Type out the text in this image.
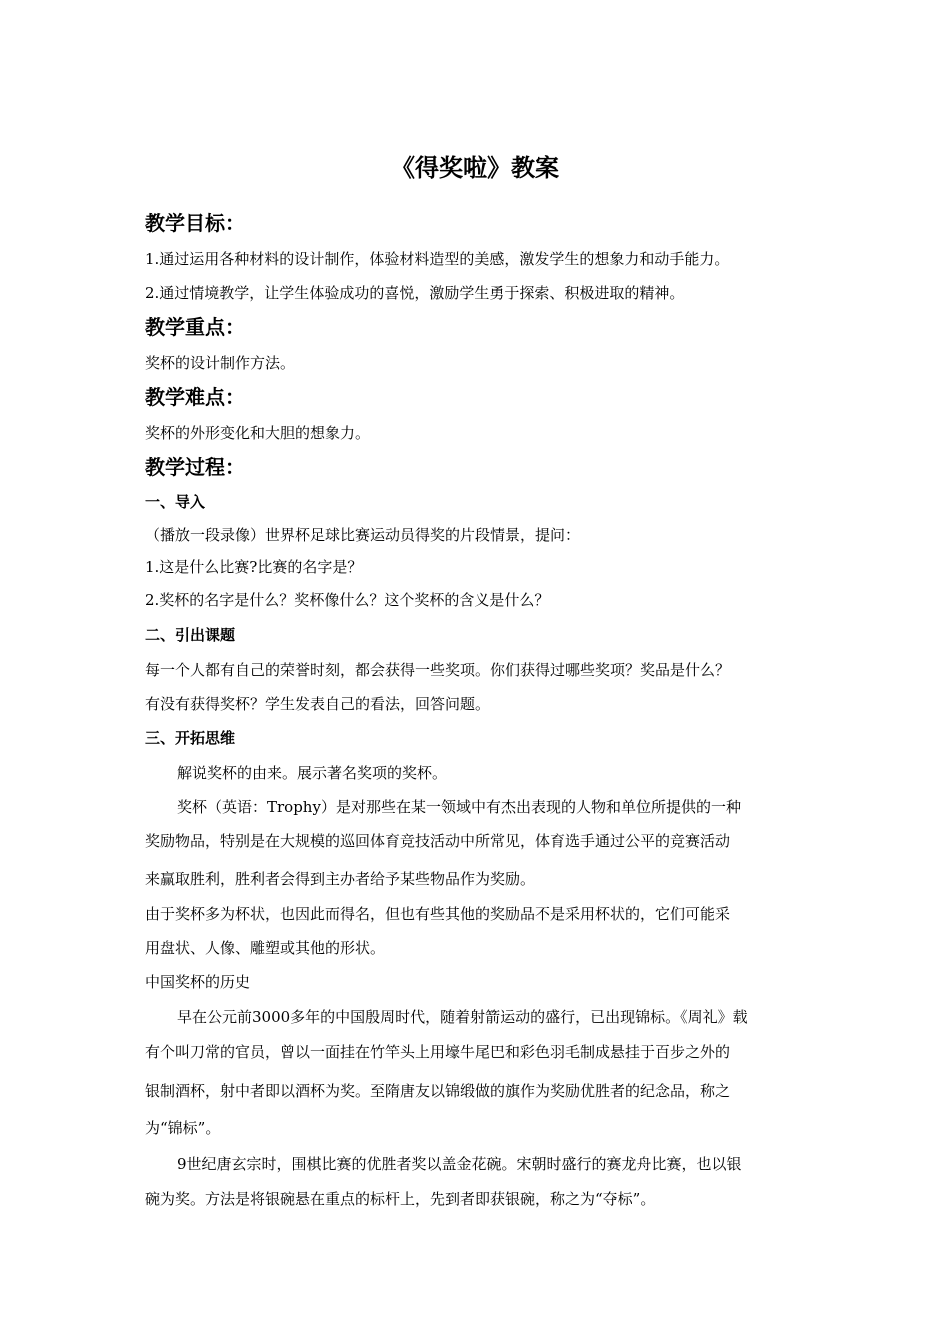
《得奖啦》教案
教学目标：
1.通过运用各种材料的设计制作，体验材料造型的美感，激发学生的想象力和动手能力。
2.通过情境教学，让学生体验成功的喜悦，激励学生勇于探索、积极进取的精神。
教学重点：
奖杯的设计制作方法。
教学难点：
奖杯的外形变化和大胆的想象力。
教学过程：
一、导入
（播放一段录像）世界杯足球比赛运动员得奖的片段情景，提问：
1.这是什么比赛?比赛的名字是？
2.奖杯的名字是什么？奖杯像什么？这个奖杯的含义是什么？
二、引出课题
每一个人都有自己的荣誉时刻，都会获得一些奖项。你们获得过哪些奖项？奖品是什么？
有没有获得奖杯？学生发表自己的看法，回答问题。
三、开拓思维
解说奖杯的由来。展示著名奖项的奖杯。
奖杯（英语：Trophy）是对那些在某一领域中有杰出表现的人物和单位所提供的一种
奖励物品，特别是在大规模的巡回体育竞技活动中所常见，体育选手通过公平的竞赛活动
来赢取胜利，胜利者会得到主办者给予某些物品作为奖励。
由于奖杯多为杯状，也因此而得名，但也有些其他的奖励品不是采用杯状的，它们可能采
用盘状、人像、雕塑或其他的形状。
中国奖杯的历史
早在公元前3000多年的中国殷周时代，随着射箭运动的盛行，已出现锦标。《周礼》载
有个叫刀常的官员，曾以一面挂在竹竿头上用壕牛尾巴和彩色羽毛制成悬挂于百步之外的
银制酒杯，射中者即以酒杯为奖。至隋唐友以锦缎做的旗作为奖励优胜者的纪念品，称之
为“锦标”。
9世纪唐玄宗时，围棋比赛的优胜者奖以盖金花碗。宋朝时盛行的赛龙舟比赛，也以银
碗为奖。方法是将银碗悬在重点的标杆上，先到者即获银碗，称之为“夺标”。
